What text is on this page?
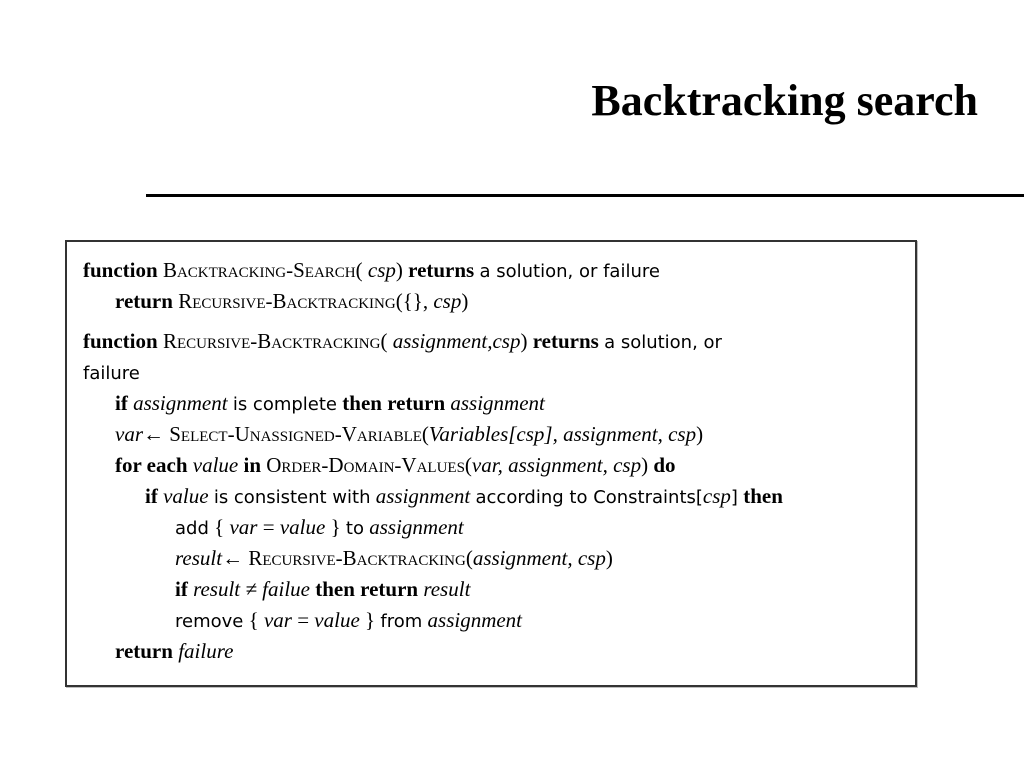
Backtracking search
function Backtracking-Search( csp) returns a solution, or failure
return Recursive-Backtracking({}, csp)
function Recursive-Backtracking( assignment,csp) returns a solution, or
failure
if assignment is complete then return assignment
var← Select-Unassigned-Variable(Variables[csp], assignment, csp)
for each value in Order-Domain-Values(var, assignment, csp) do
if value is consistent with assignment according to Constraints[csp] then
add { var = value } to assignment
result← Recursive-Backtracking(assignment, csp)
if result ≠ failue then return result
remove { var = value } from assignment
return failure
